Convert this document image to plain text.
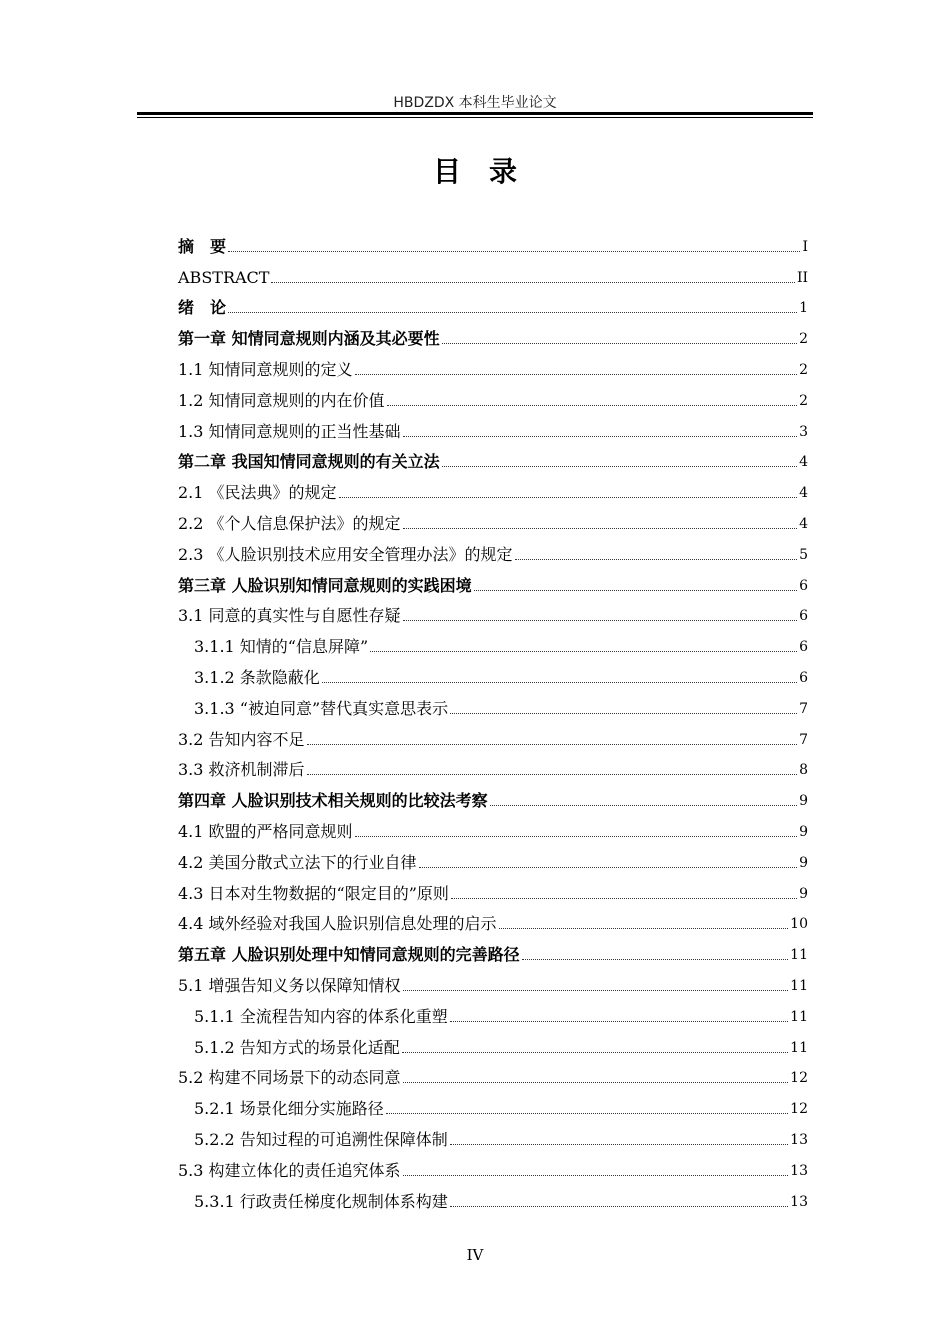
HBDZDX 本科生毕业论文
目录
摘　要	I
ABSTRACT	II
绪　论	1
第一章 知情同意规则内涵及其必要性	2
1.1 知情同意规则的定义	2
1.2 知情同意规则的内在价值	2
1.3 知情同意规则的正当性基础	3
第二章 我国知情同意规则的有关立法	4
2.1 《民法典》的规定	4
2.2 《个人信息保护法》的规定	4
2.3 《人脸识别技术应用安全管理办法》的规定	5
第三章 人脸识别知情同意规则的实践困境	6
3.1 同意的真实性与自愿性存疑	6
3.1.1 知情的“信息屏障”	6
3.1.2 条款隐蔽化	6
3.1.3 “被迫同意”替代真实意思表示	7
3.2 告知内容不足	7
3.3 救济机制滞后	8
第四章 人脸识别技术相关规则的比较法考察	9
4.1 欧盟的严格同意规则	9
4.2 美国分散式立法下的行业自律	9
4.3 日本对生物数据的“限定目的”原则	9
4.4 域外经验对我国人脸识别信息处理的启示	10
第五章 人脸识别处理中知情同意规则的完善路径	11
5.1 增强告知义务以保障知情权	11
5.1.1 全流程告知内容的体系化重塑	11
5.1.2 告知方式的场景化适配	11
5.2 构建不同场景下的动态同意	12
5.2.1 场景化细分实施路径	12
5.2.2 告知过程的可追溯性保障体制	13
5.3 构建立体化的责任追究体系	13
5.3.1 行政责任梯度化规制体系构建	13
IV
